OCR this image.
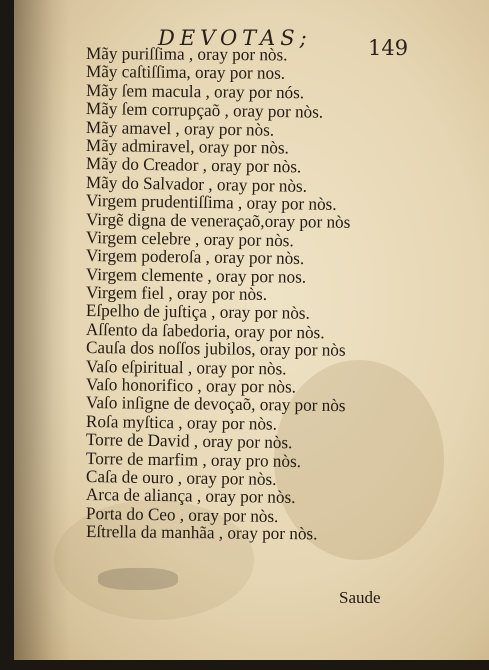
DEVOTAS;	149
Mãy puriſſima , oray por nòs.
Mãy caſtiſſima, oray por nos.
Mãy ſem macula , oray por nós.
Mãy ſem corrupçaõ , oray por nòs.
Mãy amavel , oray por nòs.
Mãy admiravel, oray por nòs.
Mãy do Creador , oray por nòs.
Mãy do Salvador , oray por nòs.
Virgem prudentiſſima , oray por nòs.
Virgẽ digna de veneraçaõ,oray por nòs
Virgem celebre , oray por nòs.
Virgem poderoſa , oray por nòs.
Virgem clemente , oray por nos.
Virgem fiel , oray por nòs.
Eſpelho de juſtiça , oray por nòs.
Aſſento da ſabedoria, oray por nòs.
Cauſa dos noſſos jubilos, oray por nòs
Vaſo eſpiritual , oray por nòs.
Vaſo honorifico , oray por nòs.
Vaſo inſigne de devoçaõ, oray por nòs
Roſa myſtica , oray por nòs.
Torre de David , oray por nòs.
Torre de marfim , oray pro nòs.
Caſa de ouro , oray por nòs.
Arca de aliança , oray por nòs.
Porta do Ceo , oray por nòs.
Eſtrella da manhãa , oray por nòs.
Saude
